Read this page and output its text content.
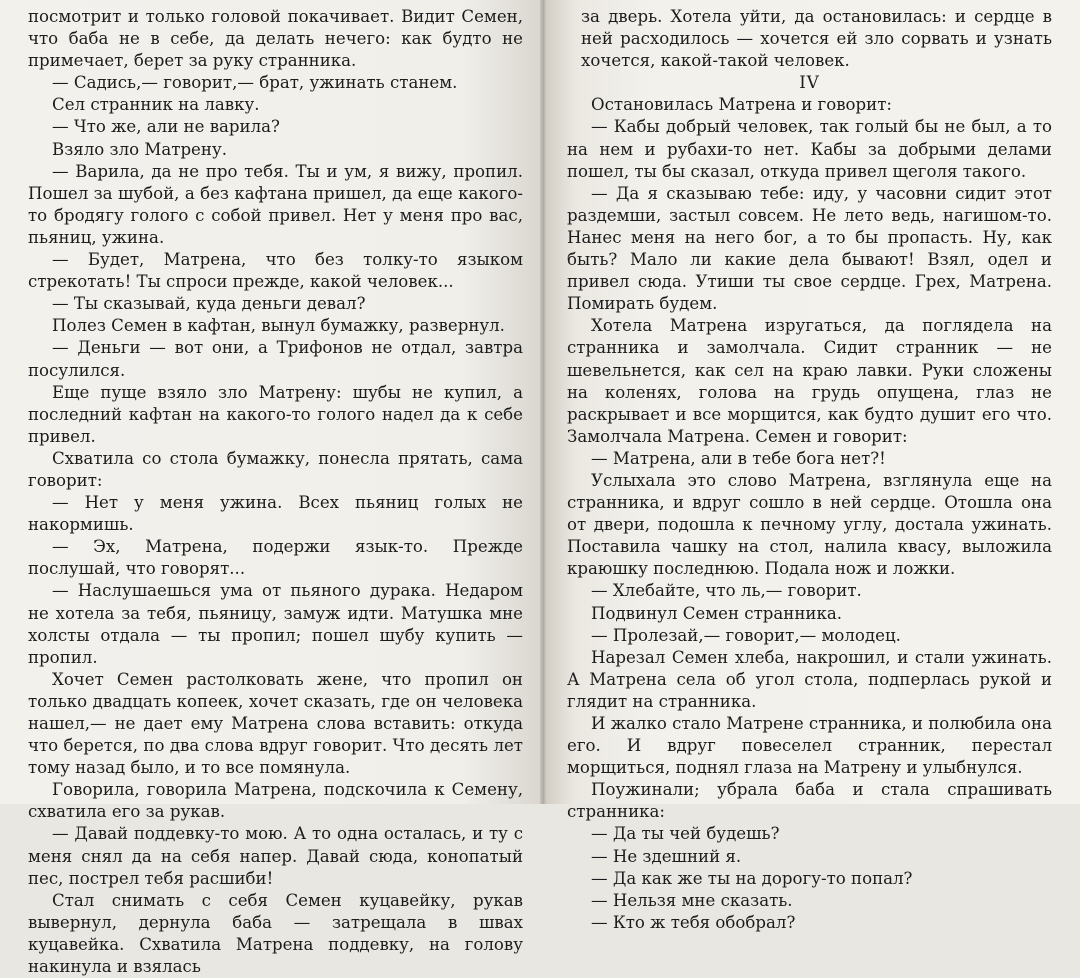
посмотрит и только головой покачивает. Видит Семен, что баба не в себе, да делать нечего: как будто не примечает, берет за руку странника.

— Садись,— говорит,— брат, ужинать станем.

Сел странник на лавку.

— Что же, али не варила?

Взяло зло Матрену.

— Варила, да не про тебя. Ты и ум, я вижу, пропил. Пошел за шубой, а без кафтана пришел, да еще какого-то бродягу голого с собой привел. Нет у меня про вас, пьяниц, ужина.

— Будет, Матрена, что без толку-то языком стрекотать! Ты спроси прежде, какой человек...

— Ты сказывай, куда деньги девал?

Полез Семен в кафтан, вынул бумажку, развернул.

— Деньги — вот они, а Трифонов не отдал, завтра посулился.

Еще пуще взяло зло Матрену: шубы не купил, а последний кафтан на какого-то голого надел да к себе привел.

Схватила со стола бумажку, понесла прятать, сама говорит:

— Нет у меня ужина. Всех пьяниц голых не накормишь.

— Эх, Матрена, подержи язык-то. Прежде послушай, что говорят...

— Наслушаешься ума от пьяного дурака. Недаром не хотела за тебя, пьяницу, замуж идти. Матушка мне холсты отдала — ты пропил; пошел шубу купить — пропил.

Хочет Семен растолковать жене, что пропил он только двадцать копеек, хочет сказать, где он человека нашел,— не дает ему Матрена слова вставить: откуда что берется, по два слова вдруг говорит. Что десять лет тому назад было, и то все помянула.

Говорила, говорила Матрена, подскочила к Семену, схватила его за рукав.

— Давай поддевку-то мою. А то одна осталась, и ту с меня снял да на себя напер. Давай сюда, конопатый пес, пострел тебя расшиби!

Стал снимать с себя Семен куцавейку, рукав вывернул, дернула баба — затрещала в швах куцавейка. Схватила Матрена поддевку, на голову накинула и взялась

за дверь. Хотела уйти, да остановилась: и сердце в ней расходилось — хочется ей зло сорвать и узнать хочется, какой-такой человек.

IV

Остановилась Матрена и говорит:

— Кабы добрый человек, так голый бы не был, а то на нем и рубахи-то нет. Кабы за добрыми делами пошел, ты бы сказал, откуда привел щеголя такого.

— Да я сказываю тебе: иду, у часовни сидит этот раздемши, застыл совсем. Не лето ведь, нагишом-то. Нанес меня на него бог, а то бы пропасть. Ну, как быть? Мало ли какие дела бывают! Взял, одел и привел сюда. Утиши ты свое сердце. Грех, Матрена. Помирать будем.

Хотела Матрена изругаться, да поглядела на странника и замолчала. Сидит странник — не шевельнется, как сел на краю лавки. Руки сложены на коленях, голова на грудь опущена, глаз не раскрывает и все морщится, как будто душит его что. Замолчала Матрена. Семен и говорит:

— Матрена, али в тебе бога нет?!

Услыхала это слово Матрена, взглянула еще на странника, и вдруг сошло в ней сердце. Отошла она от двери, подошла к печному углу, достала ужинать. Поставила чашку на стол, налила квасу, выложила краюшку последнюю. Подала нож и ложки.

— Хлебайте, что ль,— говорит.

Подвинул Семен странника.

— Пролезай,— говорит,— молодец.

Нарезал Семен хлеба, накрошил, и стали ужинать. А Матрена села об угол стола, подперлась рукой и глядит на странника.

И жалко стало Матрене странника, и полюбила она его. И вдруг повеселел странник, перестал морщиться, поднял глаза на Матрену и улыбнулся.

Поужинали; убрала баба и стала спрашивать странника:

— Да ты чей будешь?

— Не здешний я.

— Да как же ты на дорогу-то попал?

— Нельзя мне сказать.

— Кто ж тебя обобрал?
